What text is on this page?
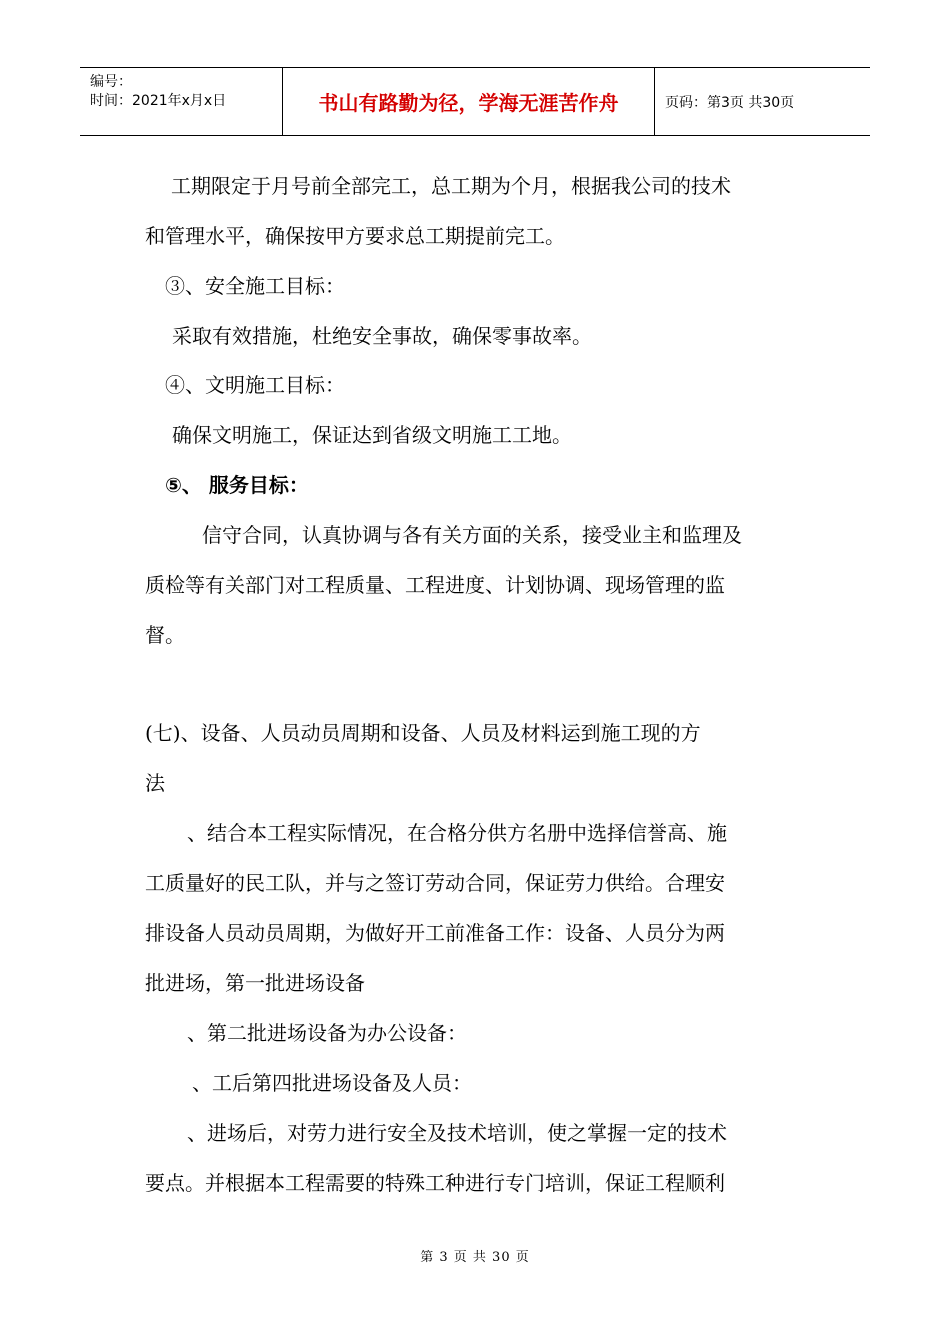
编号：
时间：2021年x月x日	书山有路勤为径，学海无涯苦作舟	页码：第3页 共30页
工期限定于月号前全部完工，总工期为个月，根据我公司的技术
和管理水平，确保按甲方要求总工期提前完工。
③、安全施工目标：
采取有效措施，杜绝安全事故，确保零事故率。
④、文明施工目标：
确保文明施工，保证达到省级文明施工工地。
⑤、 服务目标：
信守合同，认真协调与各有关方面的关系，接受业主和监理及
质检等有关部门对工程质量、工程进度、计划协调、现场管理的监
督。
(七)、设备、人员动员周期和设备、人员及材料运到施工现的方
法
、结合本工程实际情况，在合格分供方名册中选择信誉高、施
工质量好的民工队，并与之签订劳动合同，保证劳力供给。合理安
排设备人员动员周期，为做好开工前准备工作：设备、人员分为两
批进场，第一批进场设备
、第二批进场设备为办公设备：
、工后第四批进场设备及人员：
、进场后，对劳力进行安全及技术培训，使之掌握一定的技术
要点。并根据本工程需要的特殊工种进行专门培训，保证工程顺利
第 3 页 共 30 页
